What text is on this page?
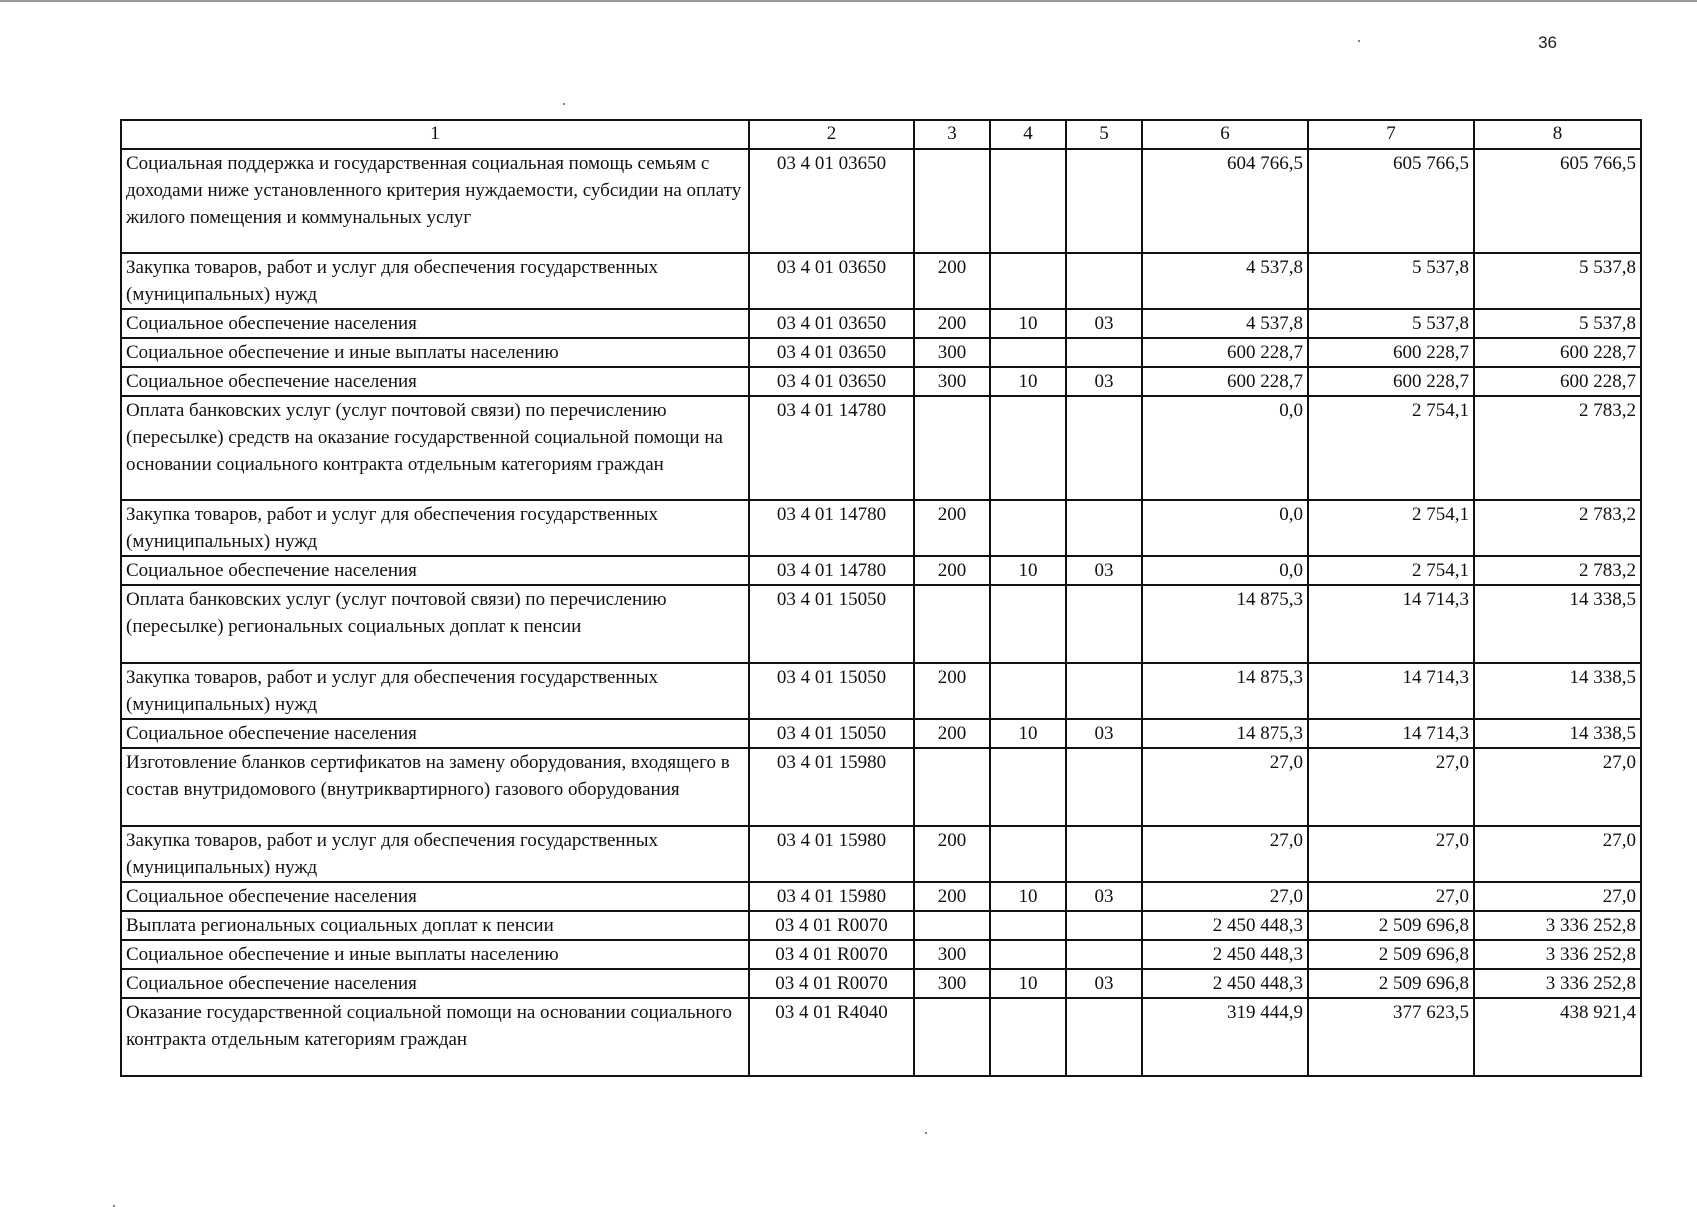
36
1	2	3	4	5	6	7	8
Социальная поддержка и государственная социальная помощь семьям с доходами ниже установленного критерия нуждаемости, субсидии на оплату жилого помещения и коммунальных услуг	03 4 01 03650				604 766,5	605 766,5	605 766,5
Закупка товаров, работ и услуг для обеспечения государственных (муниципальных) нужд	03 4 01 03650	200			4 537,8	5 537,8	5 537,8
Социальное обеспечение населения	03 4 01 03650	200	10	03	4 537,8	5 537,8	5 537,8
Социальное обеспечение и иные выплаты населению	03 4 01 03650	300			600 228,7	600 228,7	600 228,7
Социальное обеспечение населения	03 4 01 03650	300	10	03	600 228,7	600 228,7	600 228,7
Оплата банковских услуг (услуг почтовой связи) по перечислению (пересылке) средств на оказание государственной социальной помощи на основании социального контракта отдельным категориям граждан	03 4 01 14780				0,0	2 754,1	2 783,2
Закупка товаров, работ и услуг для обеспечения государственных (муниципальных) нужд	03 4 01 14780	200			0,0	2 754,1	2 783,2
Социальное обеспечение населения	03 4 01 14780	200	10	03	0,0	2 754,1	2 783,2
Оплата банковских услуг (услуг почтовой связи) по перечислению (пересылке) региональных социальных доплат к пенсии	03 4 01 15050				14 875,3	14 714,3	14 338,5
Закупка товаров, работ и услуг для обеспечения государственных (муниципальных) нужд	03 4 01 15050	200			14 875,3	14 714,3	14 338,5
Социальное обеспечение населения	03 4 01 15050	200	10	03	14 875,3	14 714,3	14 338,5
Изготовление бланков сертификатов на замену оборудования, входящего в состав внутридомового (внутриквартирного) газового оборудования	03 4 01 15980				27,0	27,0	27,0
Закупка товаров, работ и услуг для обеспечения государственных (муниципальных) нужд	03 4 01 15980	200			27,0	27,0	27,0
Социальное обеспечение населения	03 4 01 15980	200	10	03	27,0	27,0	27,0
Выплата региональных социальных доплат к пенсии	03 4 01 R0070				2 450 448,3	2 509 696,8	3 336 252,8
Социальное обеспечение и иные выплаты населению	03 4 01 R0070	300			2 450 448,3	2 509 696,8	3 336 252,8
Социальное обеспечение населения	03 4 01 R0070	300	10	03	2 450 448,3	2 509 696,8	3 336 252,8
Оказание государственной социальной помощи на основании социального контракта отдельным категориям граждан	03 4 01 R4040				319 444,9	377 623,5	438 921,4
